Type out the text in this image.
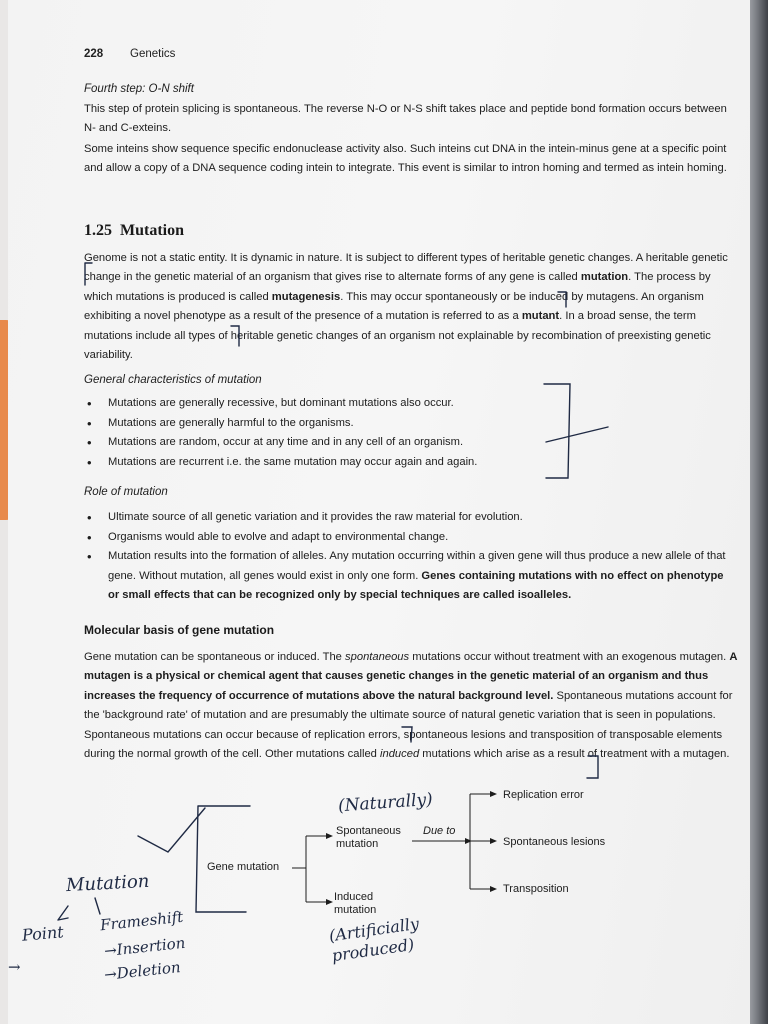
228 Genetics
Fourth step: O-N shift
This step of protein splicing is spontaneous. The reverse N-O or N-S shift takes place and peptide bond formation occurs between N- and C-exteins.
Some inteins show sequence specific endonuclease activity also. Such inteins cut DNA in the intein-minus gene at a specific point and allow a copy of a DNA sequence coding intein to integrate. This event is similar to intron homing and termed as intein homing.
1.25 Mutation
Genome is not a static entity. It is dynamic in nature. It is subject to different types of heritable genetic changes. A heritable genetic change in the genetic material of an organism that gives rise to alternate forms of any gene is called mutation. The process by which mutations is produced is called mutagenesis. This may occur spontaneously or be induced by mutagens. An organism exhibiting a novel phenotype as a result of the presence of a mutation is referred to as a mutant. In a broad sense, the term mutations include all types of heritable genetic changes of an organism not explainable by recombination of preexisting genetic variability.
General characteristics of mutation
• Mutations are generally recessive, but dominant mutations also occur.
• Mutations are generally harmful to the organisms.
• Mutations are random, occur at any time and in any cell of an organism.
• Mutations are recurrent i.e. the same mutation may occur again and again.
Role of mutation
• Ultimate source of all genetic variation and it provides the raw material for evolution.
• Organisms would able to evolve and adapt to environmental change.
• Mutation results into the formation of alleles. Any mutation occurring within a given gene will thus produce a new allele of that gene. Without mutation, all genes would exist in only one form. Genes containing mutations with no effect on phenotype or small effects that can be recognized only by special techniques are called isoalleles.
Molecular basis of gene mutation
Gene mutation can be spontaneous or induced. The spontaneous mutations occur without treatment with an exogenous mutagen. A mutagen is a physical or chemical agent that causes genetic changes in the genetic material of an organism and thus increases the frequency of occurrence of mutations above the natural background level. Spontaneous mutations account for the 'background rate' of mutation and are presumably the ultimate source of natural genetic variation that is seen in populations. Spontaneous mutations can occur because of replication errors, spontaneous lesions and transposition of transposable elements during the normal growth of the cell. Other mutations called induced mutations which arise as a result of treatment with a mutagen.
Gene mutation
Spontaneous mutation
Induced mutation
Due to
Replication error
Spontaneous lesions
Transposition
(Naturally)
(Artificially produced)
Mutation
Point Frameshift
→Insertion
→Deletion
→
